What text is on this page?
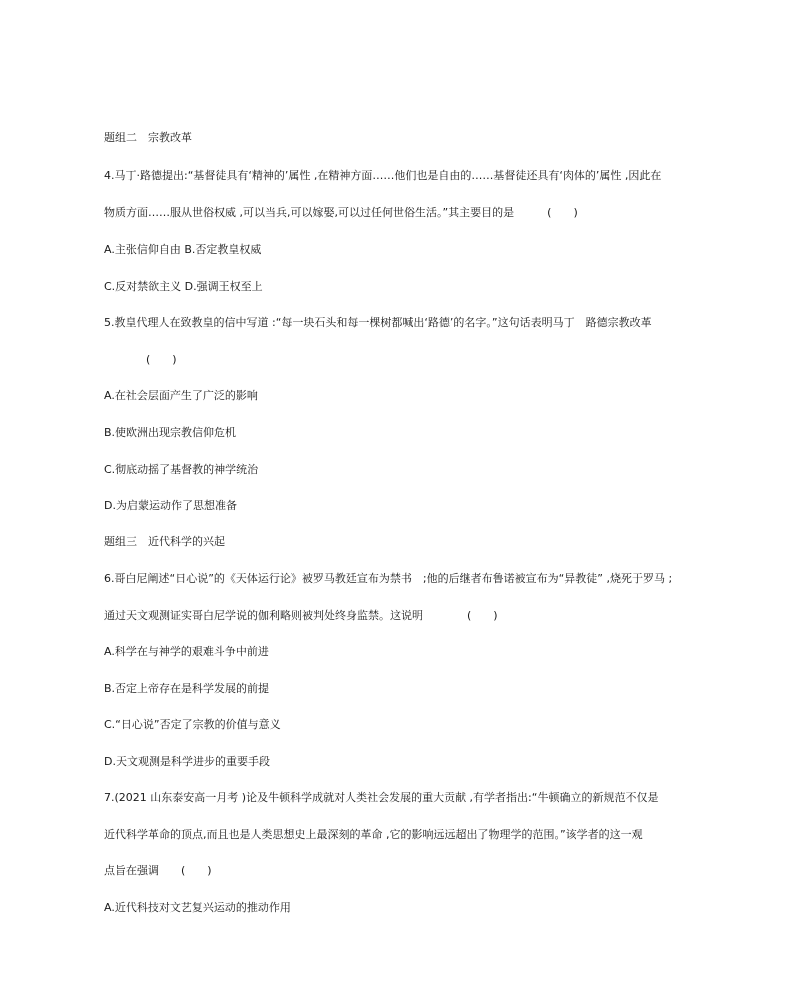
题组二　宗教改革
4.马丁·路德提出:“基督徒具有‘精神的’属性 ,在精神方面……他们也是自由的……基督徒还具有‘肉体的’属性 ,因此在
物质方面……服从世俗权威 ,可以当兵,可以嫁娶,可以过任何世俗生活。”其主要目的是　　　(　　)
A.主张信仰自由 B.否定教皇权威
C.反对禁欲主义 D.强调王权至上
5.教皇代理人在致教皇的信中写道 :“每一块石头和每一棵树都喊出‘路德’的名字。”这句话表明马丁　路德宗教改革
(　　)
A.在社会层面产生了广泛的影响
B.使欧洲出现宗教信仰危机
C.彻底动摇了基督教的神学统治
D.为启蒙运动作了思想准备
题组三　近代科学的兴起
6.哥白尼阐述“日心说”的《天体运行论》被罗马教廷宣布为禁书　;他的后继者布鲁诺被宣布为“异教徒” ,烧死于罗马 ;
通过天文观测证实哥白尼学说的伽利略则被判处终身监禁。这说明　　　　(　　)
A.科学在与神学的艰难斗争中前进
B.否定上帝存在是科学发展的前提
C.“日心说”否定了宗教的价值与意义
D.天文观测是科学进步的重要手段
7.(2021 山东泰安高一月考 )论及牛顿科学成就对人类社会发展的重大贡献 ,有学者指出:“牛顿确立的新规范不仅是
近代科学革命的顶点,而且也是人类思想史上最深刻的革命 ,它的影响远远超出了物理学的范围。”该学者的这一观
点旨在强调　　(　　)
A.近代科技对文艺复兴运动的推动作用
